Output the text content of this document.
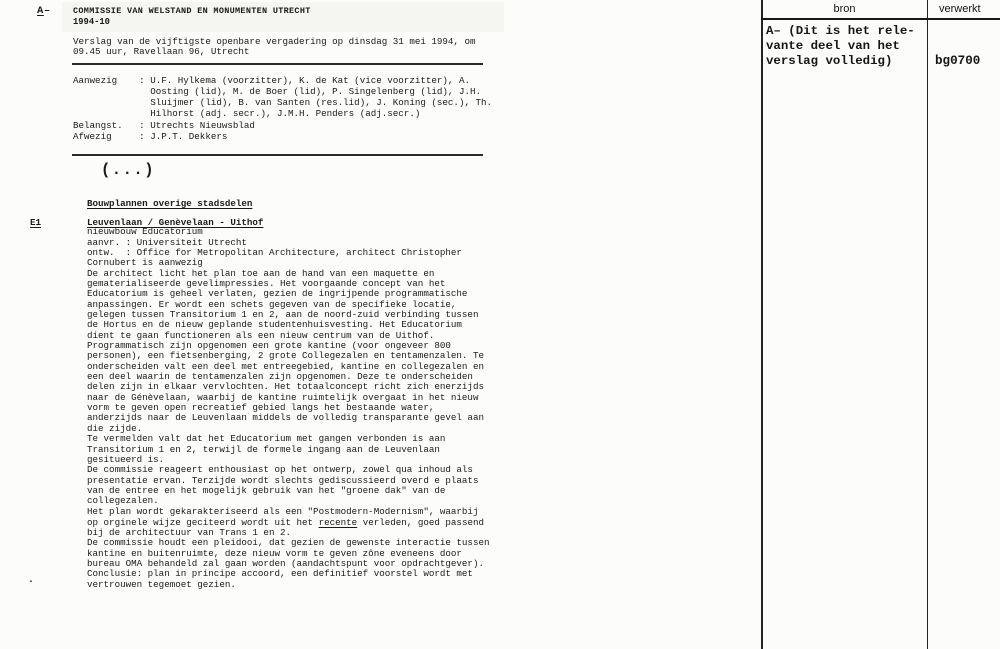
A–	COMMISSIE VAN WELSTAND EN MONUMENTEN UTRECHT
1994-10
Verslag van de vijftigste openbare vergadering op dinsdag 31 mei 1994, om
09.45 uur, Ravellaan 96, Utrecht
Aanwezig    : U.F. Hylkema (voorzitter), K. de Kat (vice voorzitter), A.
Oosting (lid), M. de Boer (lid), P. Singelenberg (lid), J.H.
Sluijmer (lid), B. van Santen (res.lid), J. Koning (sec.), Th.
Hilhorst (adj. secr.), J.M.H. Penders (adj.secr.)
Belangst.   : Utrechts Nieuwsblad
Afwezig     : J.P.T. Dekkers
(...)
Bouwplannen overige stadsdelen
E1	Leuvenlaan / Genèvelaan - Uithof
nieuwbouw Educatorium
aanvr. : Universiteit Utrecht
ontw.  : Office for Metropolitan Architecture, architect Christopher
Cornubert is aanwezig
De architect licht het plan toe aan de hand van een maquette en
gematerialiseerde gevelimpressies. Het voorgaande concept van het
Educatorium is geheel verlaten, gezien de ingrijpende programmatische
anpassingen. Er wordt een schets gegeven van de specifieke locatie,
gelegen tussen Transitorium 1 en 2, aan de noord-zuid verbinding tussen
de Hortus en de nieuw geplande studentenhuisvesting. Het Educatorium
dient te gaan functioneren als een nieuw centrum van de Uithof.
Programmatisch zijn opgenomen een grote kantine (voor ongeveer 800
personen), een fietsenberging, 2 grote Collegezalen en tentamenzalen. Te
onderscheiden valt een deel met entreegebied, kantine en collegezalen en
een deel waarin de tentamenzalen zijn opgenomen. Deze te onderscheiden
delen zijn in elkaar vervlochten. Het totaalconcept richt zich enerzijds
naar de Génèvelaan, waarbij de kantine ruimtelijk overgaat in het nieuw
vorm te geven open recreatief gebied langs het bestaande water,
anderzijds naar de Leuvenlaan middels de volledig transparante gevel aan
die zijde.
Te vermelden valt dat het Educatorium met gangen verbonden is aan
Transitorium 1 en 2, terwijl de formele ingang aan de Leuvenlaan
gesitueerd is.
De commissie reageert enthousiast op het ontwerp, zowel qua inhoud als
presentatie ervan. Terzijde wordt slechts gediscussieerd overd e plaats
van de entree en het mogelijk gebruik van het "groene dak" van de
collegezalen.
Het plan wordt gekarakteriseerd als een "Postmodern-Modernism", waarbij
op orginele wijze geciteerd wordt uit het recente verleden, goed passend
bij de architectuur van Trans 1 en 2.
De commissie houdt een pleidooi, dat gezien de gewenste interactie tussen
kantine en buitenruimte, deze nieuw vorm te geven zône eveneens door
bureau OMA behandeld zal gaan worden (aandachtspunt voor opdrachtgever).
Conclusie: plan in principe accoord, een definitief voorstel wordt met
vertrouwen tegemoet gezien.
.
bron	verwerkt
A– (Dit is het rele-
vante deel van het
verslag volledig)	bg0700
